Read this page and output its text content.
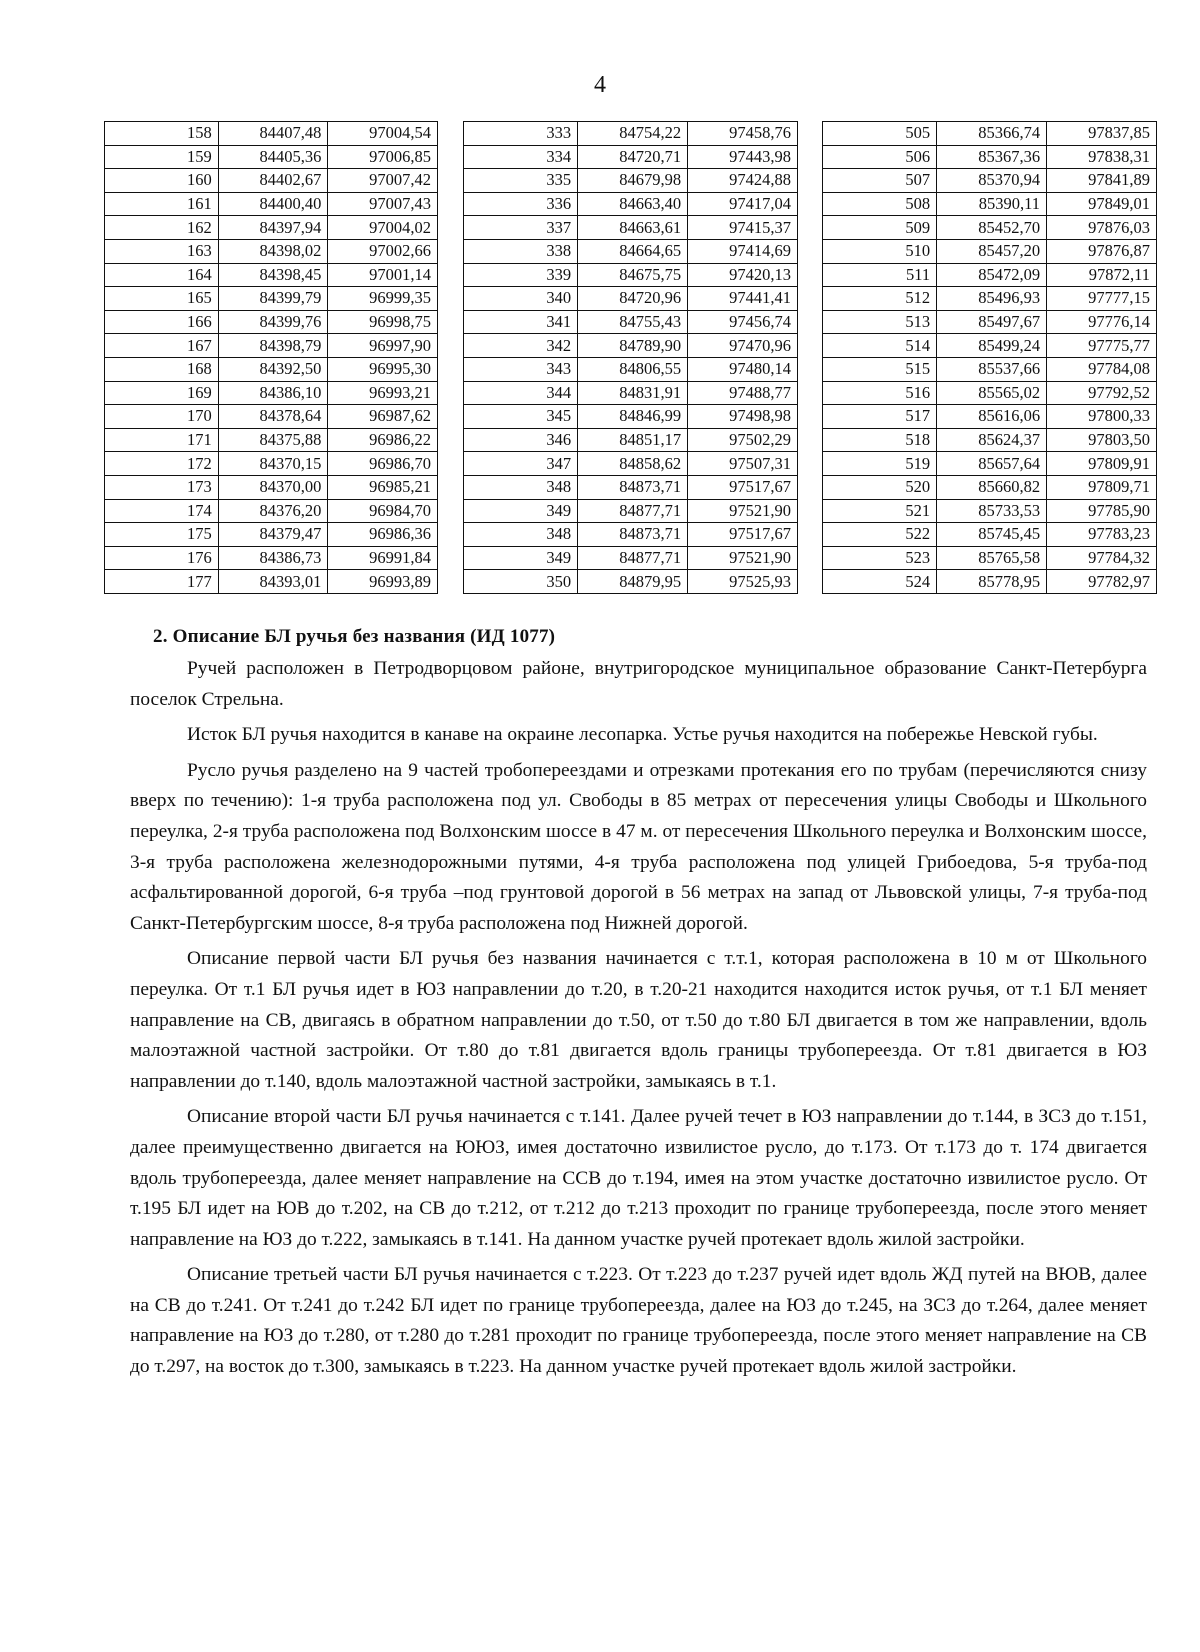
4
158	84407,48	97004,54
159	84405,36	97006,85
160	84402,67	97007,42
161	84400,40	97007,43
162	84397,94	97004,02
163	84398,02	97002,66
164	84398,45	97001,14
165	84399,79	96999,35
166	84399,76	96998,75
167	84398,79	96997,90
168	84392,50	96995,30
169	84386,10	96993,21
170	84378,64	96987,62
171	84375,88	96986,22
172	84370,15	96986,70
173	84370,00	96985,21
174	84376,20	96984,70
175	84379,47	96986,36
176	84386,73	96991,84
177	84393,01	96993,89
333	84754,22	97458,76
334	84720,71	97443,98
335	84679,98	97424,88
336	84663,40	97417,04
337	84663,61	97415,37
338	84664,65	97414,69
339	84675,75	97420,13
340	84720,96	97441,41
341	84755,43	97456,74
342	84789,90	97470,96
343	84806,55	97480,14
344	84831,91	97488,77
345	84846,99	97498,98
346	84851,17	97502,29
347	84858,62	97507,31
348	84873,71	97517,67
349	84877,71	97521,90
348	84873,71	97517,67
349	84877,71	97521,90
350	84879,95	97525,93
505	85366,74	97837,85
506	85367,36	97838,31
507	85370,94	97841,89
508	85390,11	97849,01
509	85452,70	97876,03
510	85457,20	97876,87
511	85472,09	97872,11
512	85496,93	97777,15
513	85497,67	97776,14
514	85499,24	97775,77
515	85537,66	97784,08
516	85565,02	97792,52
517	85616,06	97800,33
518	85624,37	97803,50
519	85657,64	97809,91
520	85660,82	97809,71
521	85733,53	97785,90
522	85745,45	97783,23
523	85765,58	97784,32
524	85778,95	97782,97
2. Описание БЛ ручья без названия (ИД 1077)

Ручей расположен в Петродворцовом районе, внутригородское муниципальное образование Санкт-Петербурга поселок Стрельна.

Исток БЛ ручья находится в канаве на окраине лесопарка. Устье ручья находится на побережье Невской губы.

Русло ручья разделено на 9 частей тробопереездами и отрезками протекания его по трубам (перечисляются снизу вверх по течению): 1-я труба расположена под ул. Свободы в 85 метрах от пересечения улицы Свободы и Школьного переулка, 2-я труба расположена под Волхонским шоссе в 47 м. от пересечения Школьного переулка и Волхонским шоссе, 3-я труба расположена железнодорожными путями, 4-я труба расположена под улицей Грибоедова, 5-я труба-под асфальтированной дорогой, 6-я труба –под грунтовой дорогой в 56 метрах на запад от Львовской улицы, 7-я труба-под Санкт-Петербургским шоссе, 8-я труба расположена под Нижней дорогой.

Описание первой части БЛ ручья без названия начинается с т.т.1, которая расположена в 10 м от Школьного переулка. От т.1 БЛ ручья идет в ЮЗ направлении до т.20, в т.20-21 находится находится исток ручья, от т.1 БЛ меняет направление на СВ, двигаясь в обратном направлении до т.50, от т.50 до т.80 БЛ двигается в том же направлении, вдоль малоэтажной частной застройки. От т.80 до т.81 двигается вдоль границы трубопереезда. От т.81 двигается в ЮЗ направлении до т.140, вдоль малоэтажной частной застройки, замыкаясь в т.1.

Описание второй части БЛ ручья начинается с т.141. Далее ручей течет в ЮЗ направлении до т.144, в ЗСЗ до т.151, далее преимущественно двигается на ЮЮЗ, имея достаточно извилистое русло, до т.173. От т.173 до т. 174 двигается вдоль трубопереезда, далее меняет направление на ССВ до т.194, имея на этом участке достаточно извилистое русло. От т.195 БЛ идет на ЮВ до т.202, на СВ до т.212, от т.212 до т.213 проходит по границе трубопереезда, после этого меняет направление на ЮЗ до т.222, замыкаясь в т.141. На данном участке ручей протекает вдоль жилой застройки.

Описание третьей части БЛ ручья начинается с т.223. От т.223 до т.237 ручей идет вдоль ЖД путей на ВЮВ, далее на СВ до т.241. От т.241 до т.242 БЛ идет по границе трубопереезда, далее на ЮЗ до т.245, на ЗСЗ до т.264, далее меняет направление на ЮЗ до т.280, от т.280 до т.281 проходит по границе трубопереезда, после этого меняет направление на СВ до т.297, на восток до т.300, замыкаясь в т.223. На данном участке ручей протекает вдоль жилой застройки.
